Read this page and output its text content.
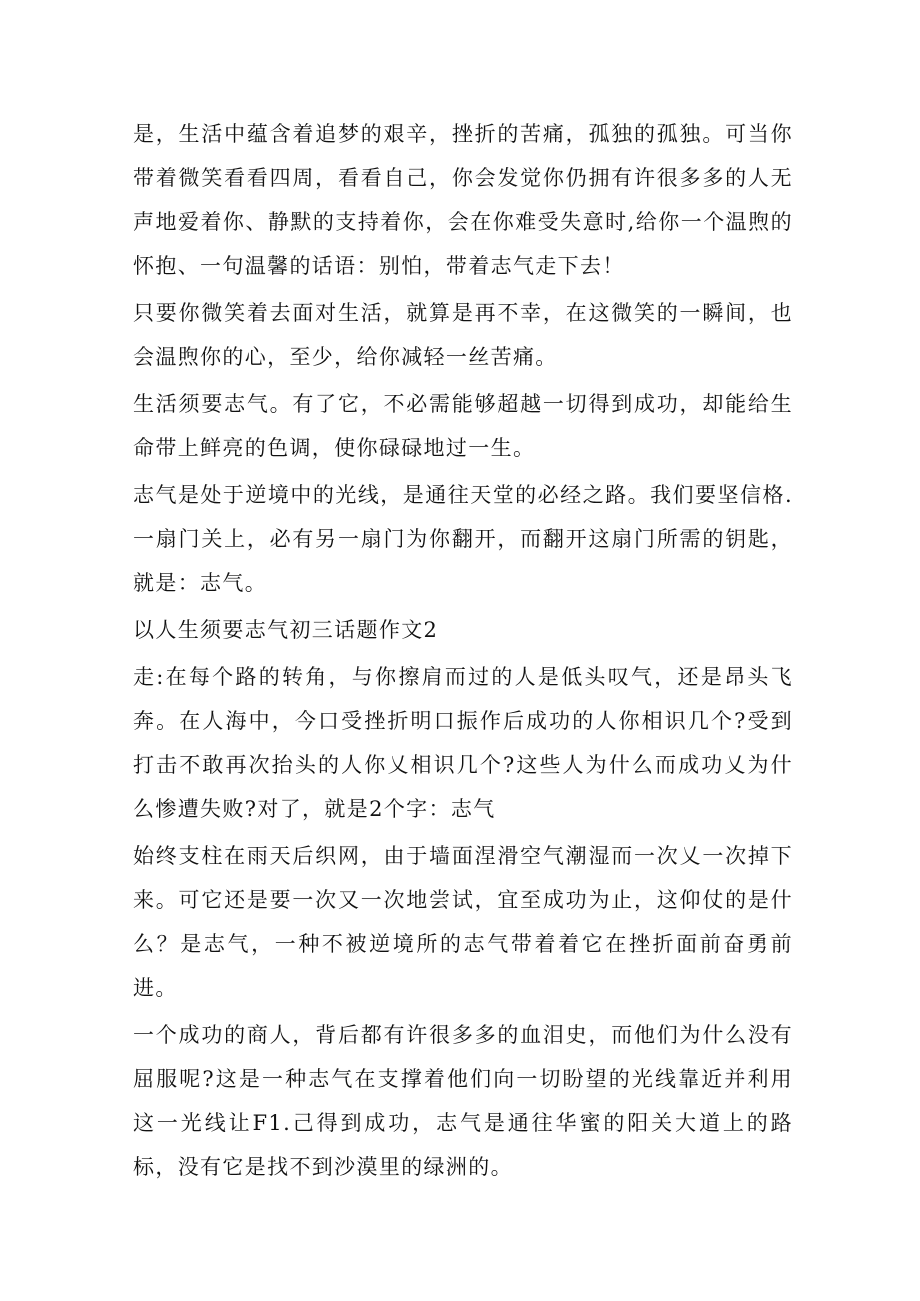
是，生活中蕴含着追梦的艰辛，挫折的苦痛，孤独的孤独。可当你带着微笑看看四周，看看自己，你会发觉你仍拥有许很多多的人无声地爱着你、静默的支持着你，会在你难受失意时,给你一个温煦的怀抱、一句温馨的话语：别怕，带着志气走下去！

只要你微笑着去面对生活，就算是再不幸，在这微笑的一瞬间，也会温煦你的心，至少，给你减轻一丝苦痛。

生活须要志气。有了它，不必需能够超越一切得到成功，却能给生命带上鲜亮的色调，使你碌碌地过一生。

志气是处于逆境中的光线，是通往天堂的必经之路。我们要坚信格.一扇门关上，必有另一扇门为你翻开，而翻开这扇门所需的钥匙，就是：志气。

以人生须要志气初三话题作文2

走:在每个路的转角，与你擦肩而过的人是低头叹气，还是昂头飞奔。在人海中，今口受挫折明口振作后成功的人你相识几个?受到打击不敢再次抬头的人你乂相识几个?这些人为什么而成功乂为什么惨遭失败?对了，就是2个字：志气

始终支柱在雨天后织网，由于墙面涅滑空气潮湿而一次乂一次掉下来。可它还是要一次又一次地尝试，宜至成功为止，这仰仗的是什么？是志气，一种不被逆境所的志气带着着它在挫折面前奋勇前进。

一个成功的商人，背后都有许很多多的血泪史，而他们为什么没有屈服呢?这是一种志气在支撑着他们向一切盼望的光线靠近并利用这一光线让F1.己得到成功，志气是通往华蜜的阳关大道上的路标，没有它是找不到沙漠里的绿洲的。
